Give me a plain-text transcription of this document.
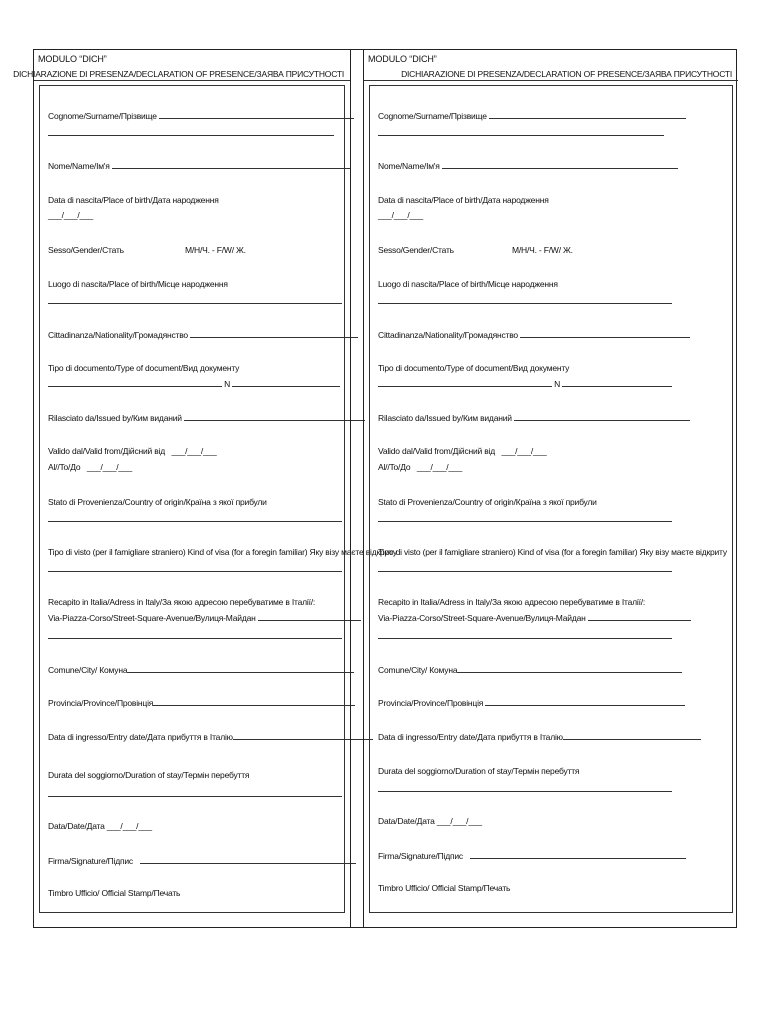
MODULO “DICH”
DICHIARAZIONE DI PRESENZA/DECLARATION OF PRESENCE/ЗАЯВА ПРИСУТНОСТІ
Cognome/Surname/Прізвище
Nome/Name/Ім'я
Data di nascita/Place of birth/Дата народження
___/___/___
Sesso/Gender/Стать	M/Н/Ч. - F/W/ Ж.
Luogo di nascita/Place of birth/Місце народження
Cittadinanza/Nationality/Громадянство
Tipo di documento/Type of document/Вид документу
N
Rilasciato da/Issued by/Ким виданий
Valido dal/Valid from/Дійсний від ___/___/___
Al//To/До ___/___/___
Stato di Provenienza/Country of origin/Країна з якої прибули
Tipo di visto (per il famigliare straniero) Kind of visa (for a foregin familiar) Яку візу маєте відкриту
Recapito in Italia/Adress in Italy/За якою адресою перебуватиме в Італії/:
Via-Piazza-Corso/Street-Square-Avenue/Вулиця-Майдан
Comune/City/ Комуна
Provincia/Province/Провінція
Data di ingresso/Entry date/Дата прибуття в Італію
Durata del soggiorno/Duration of stay/Термін перебуття
Data/Date/Дата ___/___/___
Firma/Signature/Підпис
Timbro Ufficio/ Official Stamp/Печать
MODULO “DICH”
DICHIARAZIONE DI PRESENZA/DECLARATION OF PRESENCE/ЗАЯВА ПРИСУТНОСТІ
Cognome/Surname/Прізвище
Nome/Name/Ім'я
Data di nascita/Place of birth/Дата народження
___/___/___
Sesso/Gender/Стать	M/Н/Ч. - F/W/ Ж.
Luogo di nascita/Place of birth/Місце народження
Cittadinanza/Nationality/Громадянство
Tipo di documento/Type of document/Вид документу
N
Rilasciato da/Issued by/Ким виданий
Valido dal/Valid from/Дійсний від ___/___/___
Al//To/До ___/___/___
Stato di Provenienza/Country of origin/Країна з якої прибули
Tipo di visto (per il famigliare straniero) Kind of visa (for a foregin familiar) Яку візу маєте відкриту
Recapito in Italia/Adress in Italy/За якою адресою перебуватиме в Італії/:
Via-Piazza-Corso/Street-Square-Avenue/Вулиця-Майдан
Comune/City/ Комуна
Provincia/Province/Провінція
Data di ingresso/Entry date/Дата прибуття в Італію
Durata del soggiorno/Duration of stay/Термін перебуття
Data/Date/Дата ___/___/___
Firma/Signature/Підпис
Timbro Ufficio/ Official Stamp/Печать
